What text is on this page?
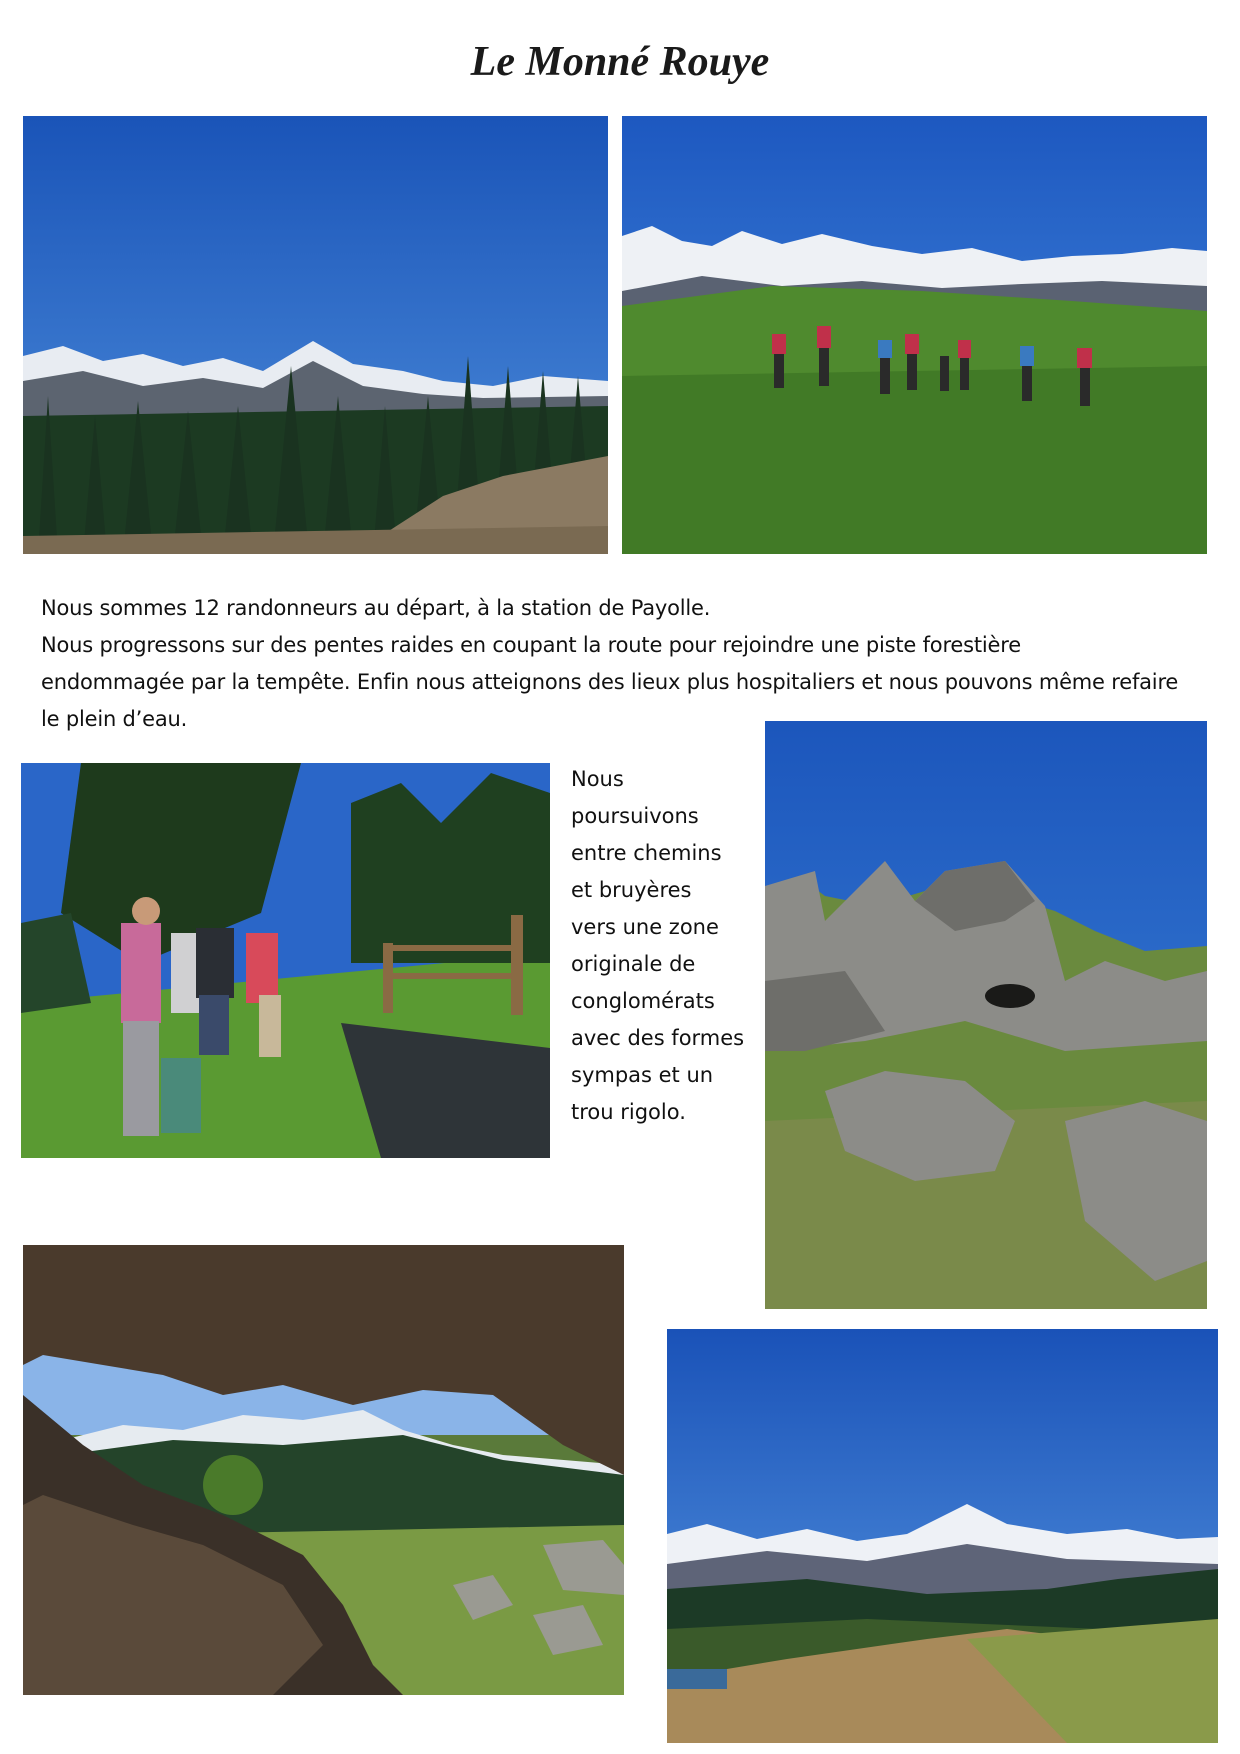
Le Monné Rouye

Nous sommes 12 randonneurs au départ, à la station de Payolle.

Nous progressons sur des pentes raides en coupant la route pour rejoindre une piste forestière

endommagée par la tempête. Enfin nous atteignons des lieux plus hospitaliers et nous pouvons même refaire

le plein d’eau.

Nous
poursuivons
entre chemins
et bruyères
vers une zone
originale de
conglomérats
avec des formes
sympas et un
trou rigolo.
